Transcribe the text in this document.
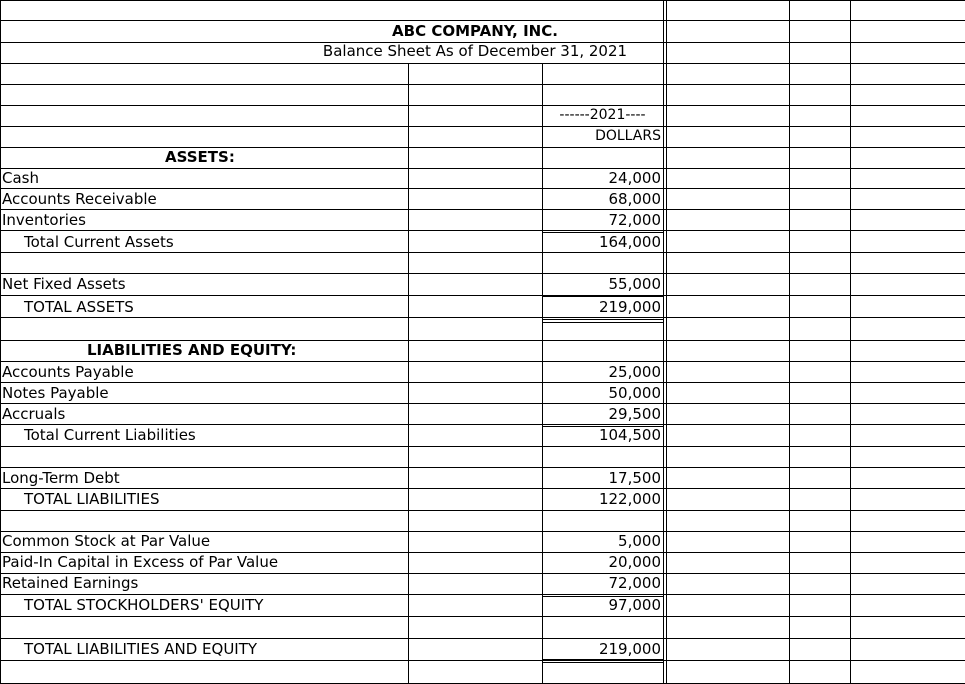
ABC COMPANY, INC.
Balance Sheet As of December 31, 2021
------2021----
DOLLARS
ASSETS:
Cash	24,000
Accounts Receivable	68,000
Inventories	72,000
Total Current Assets	164,000
Net Fixed Assets	55,000
TOTAL ASSETS	219,000
LIABILITIES AND EQUITY:
Accounts Payable	25,000
Notes Payable	50,000
Accruals	29,500
Total Current Liabilities	104,500
Long-Term Debt	17,500
TOTAL LIABILITIES	122,000
Common Stock at Par Value	5,000
Paid-In Capital in Excess of Par Value	20,000
Retained Earnings	72,000
TOTAL STOCKHOLDERS' EQUITY	97,000
TOTAL LIABILITIES AND EQUITY	219,000
